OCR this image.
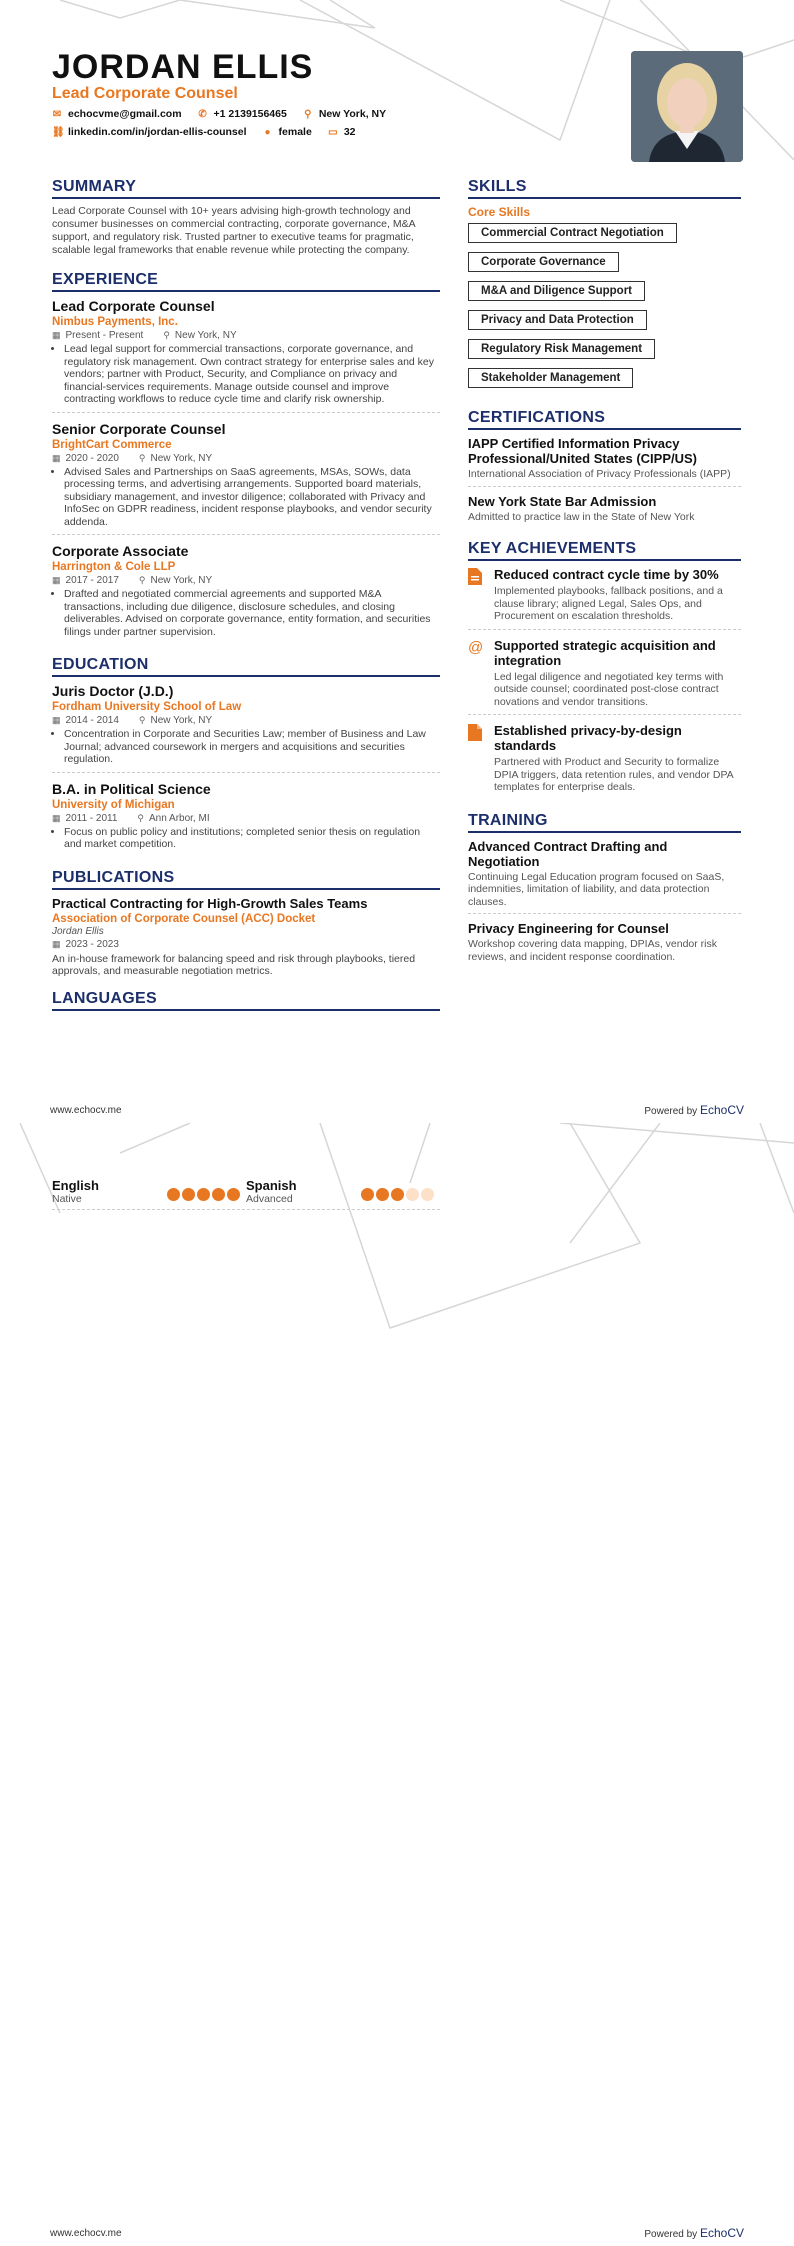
JORDAN ELLIS
Lead Corporate Counsel
✉ echocvme@gmail.com ✆ +1 2139156465 ⚲ New York, NY
⛓ linkedin.com/in/jordan-ellis-counsel ● female ▭ 32
SUMMARY
Lead Corporate Counsel with 10+ years advising high-growth technology and consumer businesses on commercial contracting, corporate governance, M&A support, and regulatory risk. Trusted partner to executive teams for pragmatic, scalable legal frameworks that enable revenue while protecting the company.
EXPERIENCE
Lead Corporate Counsel
Nimbus Payments, Inc.
▦ Present - Present ⚲ New York, NY
• Lead legal support for commercial transactions, corporate governance, and regulatory risk management. Own contract strategy for enterprise sales and key vendors; partner with Product, Security, and Compliance on privacy and financial-services requirements. Manage outside counsel and improve contracting workflows to reduce cycle time and clarify risk ownership.
Senior Corporate Counsel
BrightCart Commerce
▦ 2020 - 2020 ⚲ New York, NY
• Advised Sales and Partnerships on SaaS agreements, MSAs, SOWs, data processing terms, and advertising arrangements. Supported board materials, subsidiary management, and investor diligence; collaborated with Privacy and InfoSec on GDPR readiness, incident response playbooks, and vendor security addenda.
Corporate Associate
Harrington & Cole LLP
▦ 2017 - 2017 ⚲ New York, NY
• Drafted and negotiated commercial agreements and supported M&A transactions, including due diligence, disclosure schedules, and closing deliverables. Advised on corporate governance, entity formation, and securities filings under partner supervision.
EDUCATION
Juris Doctor (J.D.)
Fordham University School of Law
▦ 2014 - 2014 ⚲ New York, NY
• Concentration in Corporate and Securities Law; member of Business and Law Journal; advanced coursework in mergers and acquisitions and securities regulation.
B.A. in Political Science
University of Michigan
▦ 2011 - 2011 ⚲ Ann Arbor, MI
• Focus on public policy and institutions; completed senior thesis on regulation and market competition.
PUBLICATIONS
Practical Contracting for High-Growth Sales Teams
Association of Corporate Counsel (ACC) Docket
Jordan Ellis
▦ 2023 - 2023
An in-house framework for balancing speed and risk through playbooks, tiered approvals, and measurable negotiation metrics.
LANGUAGES
SKILLS
Core Skills
Commercial Contract Negotiation
Corporate Governance
M&A and Diligence Support
Privacy and Data Protection
Regulatory Risk Management
Stakeholder Management
CERTIFICATIONS
IAPP Certified Information Privacy Professional/United States (CIPP/US)
International Association of Privacy Professionals (IAPP)
New York State Bar Admission
Admitted to practice law in the State of New York
KEY ACHIEVEMENTS
Reduced contract cycle time by 30%
Implemented playbooks, fallback positions, and a clause library; aligned Legal, Sales Ops, and Procurement on escalation thresholds.
@ Supported strategic acquisition and integration
Led legal diligence and negotiated key terms with outside counsel; coordinated post-close contract novations and vendor transitions.
Established privacy-by-design standards
Partnered with Product and Security to formalize DPIA triggers, data retention rules, and vendor DPA templates for enterprise deals.
TRAINING
Advanced Contract Drafting and Negotiation
Continuing Legal Education program focused on SaaS, indemnities, limitation of liability, and data protection clauses.
Privacy Engineering for Counsel
Workshop covering data mapping, DPIAs, vendor risk reviews, and incident response coordination.
www.echocv.me	Powered by EchoCV
English
Native
Spanish
Advanced
www.echocv.me	Powered by EchoCV
